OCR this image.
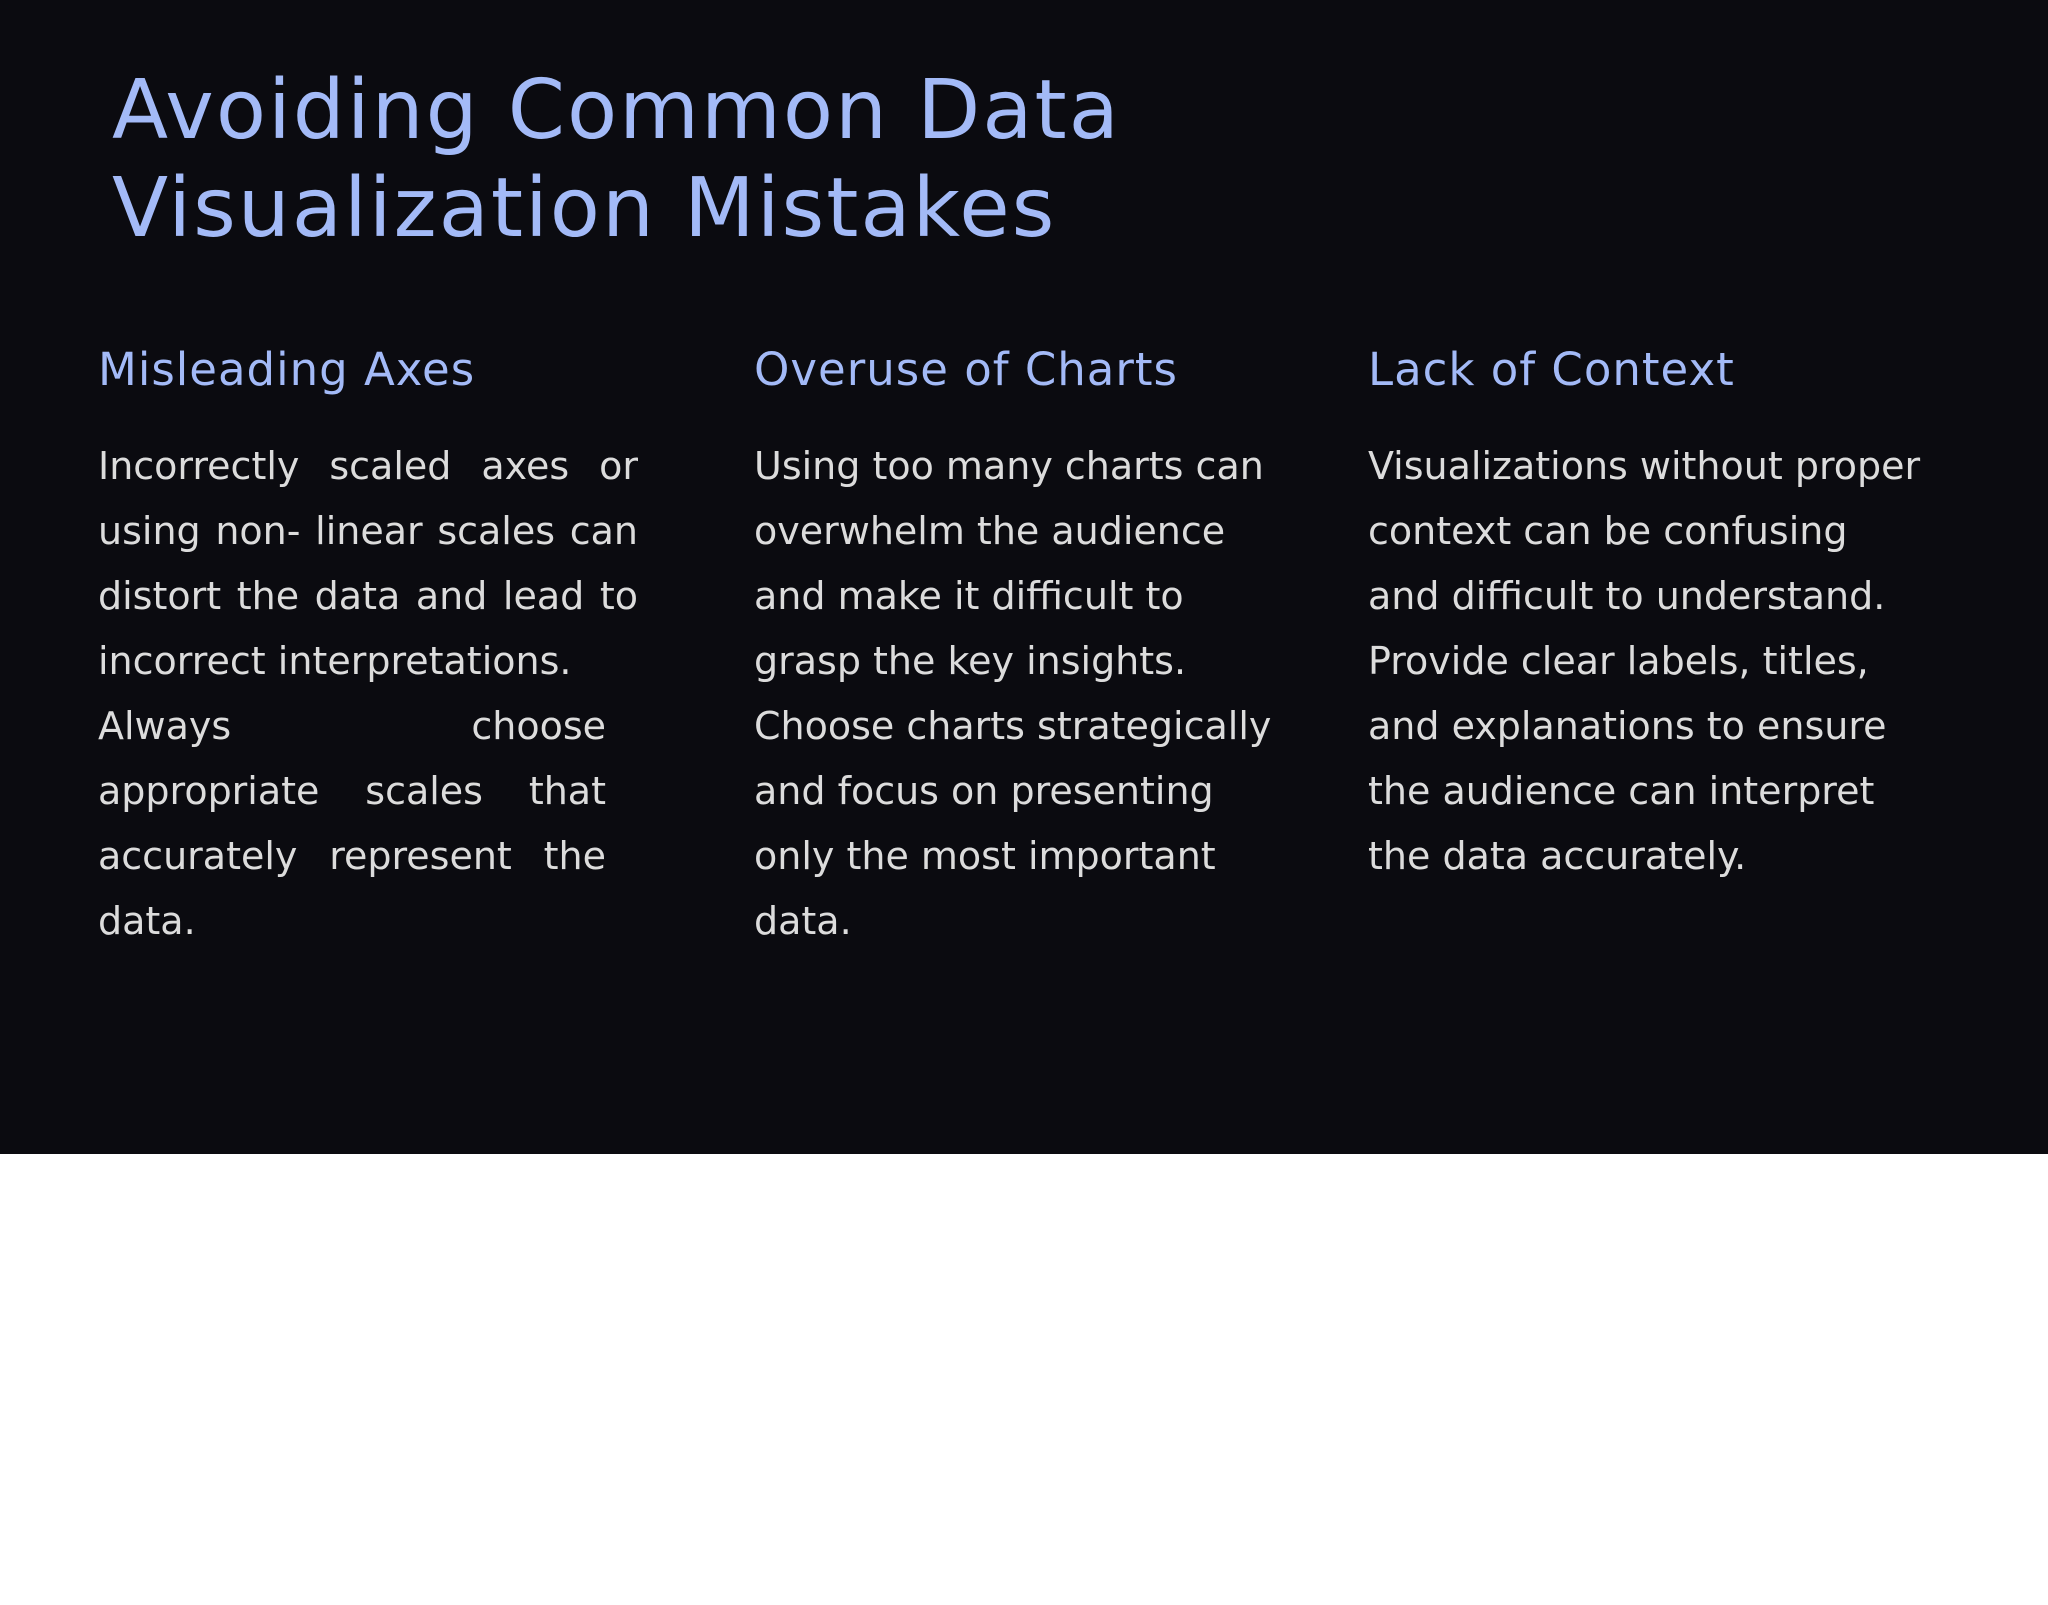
Avoiding Common Data Visualization Mistakes
Misleading Axes

Incorrectly scaled axes or using non- linear scales can distort the data and lead to incorrect interpretations.

Always choose appropriate scales that accurately represent the data.

Overuse of Charts

Using too many charts can overwhelm the audience and make it difficult to grasp the key insights. Choose charts strategically and focus on presenting only the most important data.

Lack of Context

Visualizations without proper context can be confusing and difficult to understand. Provide clear labels, titles, and explanations to ensure the audience can interpret the data accurately.
